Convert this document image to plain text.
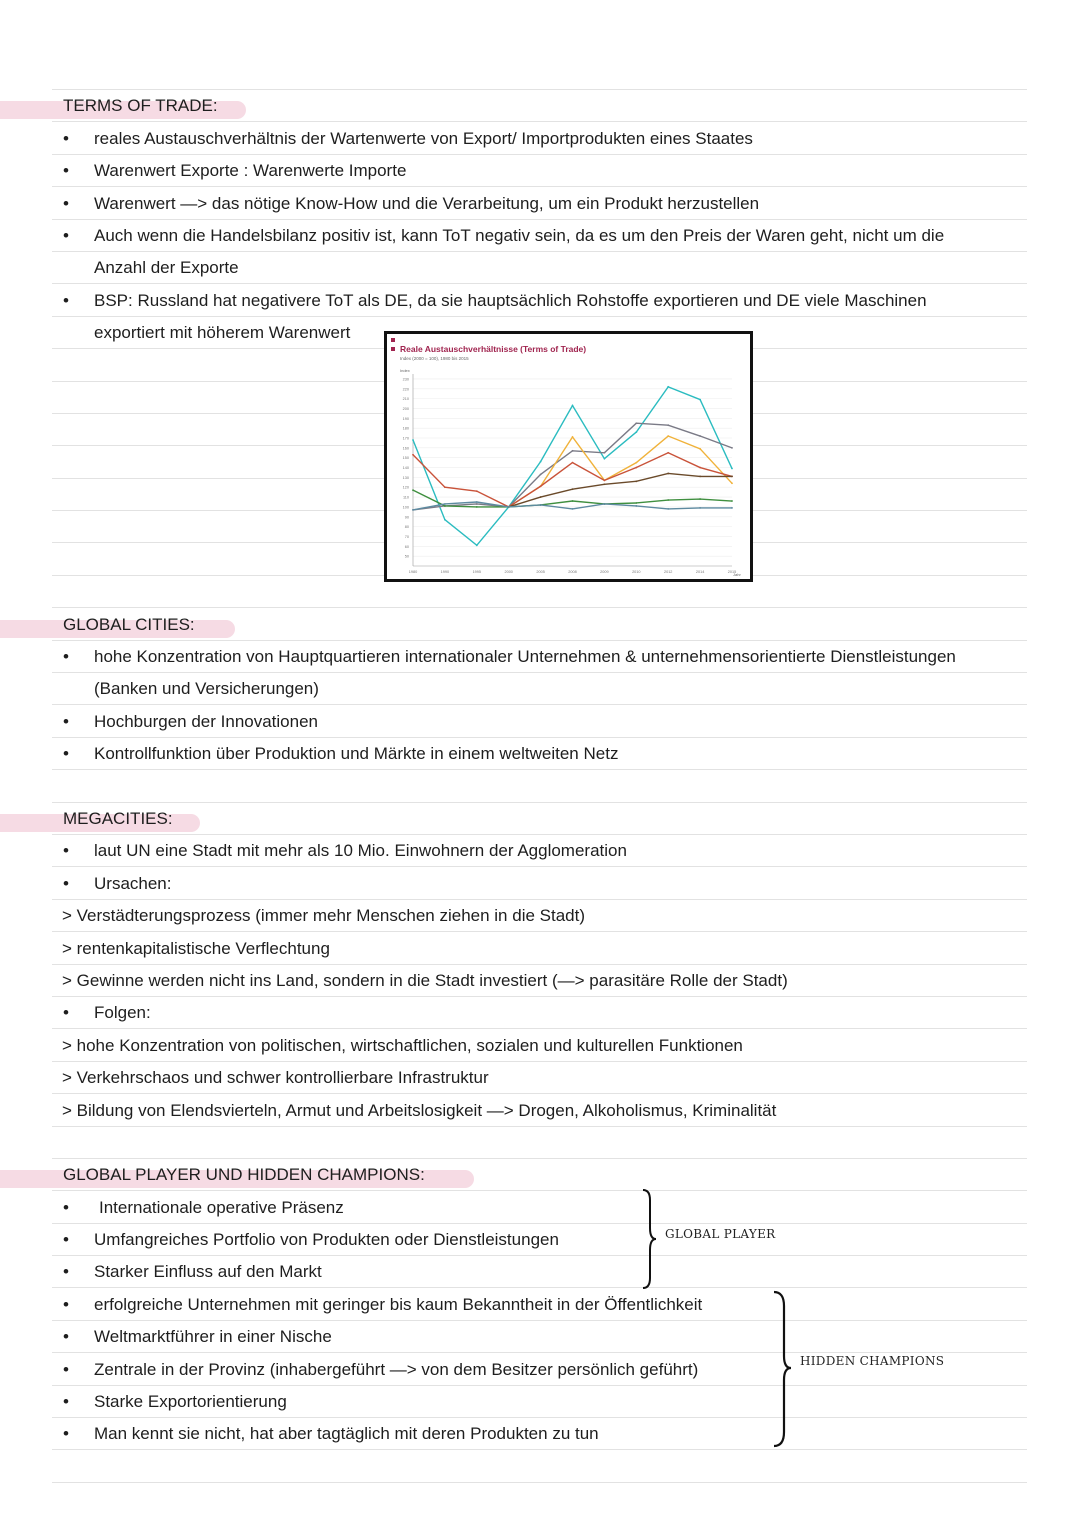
TERMS OF TRADE:
• reales Austauschverhältnis der Wartenwerte von Export/ Importprodukten eines Staates
• Warenwert Exporte : Warenwerte Importe
• Warenwert —> das nötige Know-How und die Verarbeitung, um ein Produkt herzustellen
• Auch wenn die Handelsbilanz positiv ist, kann ToT negativ sein, da es um den Preis der Waren geht, nicht um die
Anzahl der Exporte
• BSP: Russland hat negativere ToT als DE, da sie hauptsächlich Rohstoffe exportieren und DE viele Maschinen
exportiert mit höherem Warenwert
GLOBAL CITIES:
• hohe Konzentration von Hauptquartieren internationaler Unternehmen & unternehmensorientierte Dienstleistungen
(Banken und Versicherungen)
• Hochburgen der Innovationen
• Kontrollfunktion über Produktion und Märkte in einem weltweiten Netz
MEGACITIES:
• laut UN eine Stadt mit mehr als 10 Mio. Einwohnern der Agglomeration
• Ursachen:
> Verstädterungsprozess (immer mehr Menschen ziehen in die Stadt)
> rentenkapitalistische Verflechtung
> Gewinne werden nicht ins Land, sondern in die Stadt investiert (—> parasitäre Rolle der Stadt)
• Folgen:
> hohe Konzentration von politischen, wirtschaftlichen, sozialen und kulturellen Funktionen
> Verkehrschaos und schwer kontrollierbare Infrastruktur
> Bildung von Elendsvierteln, Armut und Arbeitslosigkeit —> Drogen, Alkoholismus, Kriminalität
GLOBAL PLAYER UND HIDDEN CHAMPIONS:
• Internationale operative Präsenz
• Umfangreiches Portfolio von Produkten oder Dienstleistungen
• Starker Einfluss auf den Markt
• erfolgreiche Unternehmen mit geringer bis kaum Bekanntheit in der Öffentlichkeit
• Weltmarktführer in einer Nische
• Zentrale in der Provinz (inhabergeführt —> von dem Besitzer persönlich geführt)
• Starke Exportorientierung
• Man kennt sie nicht, hat aber tagtäglich mit deren Produkten zu tun
GLOBAL PLAYER
HIDDEN CHAMPIONS
Reale Austauschverhältnisse (Terms of Trade)
Index (2000 = 100), 1980 bis 2015
Index
Jahr
50
60
70
80
90
100
110
120
130
140
150
160
170
180
190
200
210
220
230
1980	1990	1995	2000	2005	2008	2009	2010	2012	2014	2015
